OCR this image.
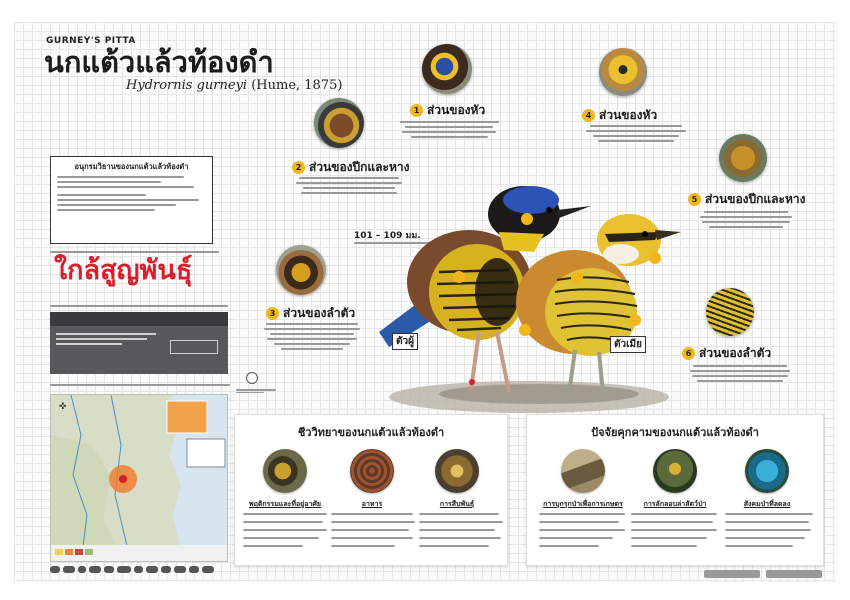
GURNEY'S PITTA
นกแต้วแล้วท้องดำ
Hydrornis gurneyi (Hume, 1875)
อนุกรมวิธานของนกแต้วแล้วท้องดำ
ใกล้สูญพันธุ์

✜
1 ส่วนของหัว
2 ส่วนของปีกและหาง
3 ส่วนของลำตัว
4 ส่วนของหัว
5 ส่วนของปีกและหาง
6 ส่วนของลำตัว
101 – 109 มม.
ตัวผู้	ตัวเมีย
ชีววิทยาของนกแต้วแล้วท้องดำ
พฤติกรรมและที่อยู่อาศัย	อาหาร	การสืบพันธุ์
ปัจจัยคุกคามของนกแต้วแล้วท้องดำ
การบุกรุกป่าเพื่อการเกษตร	การลักลอบล่าสัตว์ป่า	สังคมป่าที่ลดลง
